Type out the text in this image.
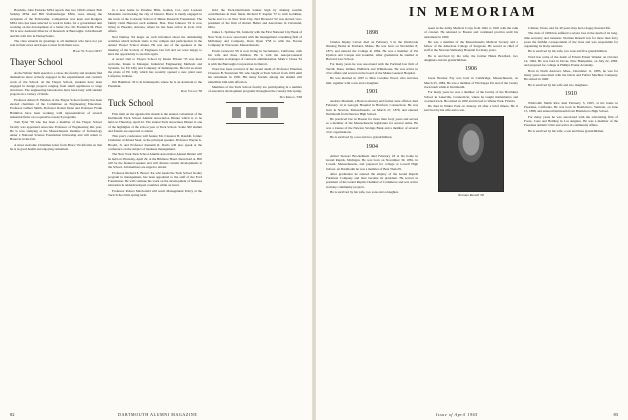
Hawkins. John Fedorko M'64 reports that two 1964's attend. Bob Stokley M'64 and Bill Stoltzenberger M'64, were among the recipients of the Fellowship. Competition was keen and Rodgers M'64 who has been selected to work in India, for a government unit working on the development of a better rice. Dr. Frederick M. Horn '64 is now Assistant Director of Research at Burroughs. John Russell and his wife live in Pennsylvania.

The class extends its greetings to all members who have not yet sent in their news and hopes to hear from them soon.

Harry W. Samson M'27
Thayer School

As the Winter Term speeds to a close, the faculty and students find themselves more actively engaged in the experimental and creative work of the School. At the Thayer School, students have been engaged in design projects ranging from small appliances to large structures. The engineering laboratories have been busy with student projects in a variety of fields.

Professor Albert E. Hawkes of the Thayer School faculty has been elected chairman of the Committee on Engineering Education. Professor Gilbert Smith, Professor Robert Dean and Professor Frank Hamilton have been working with representatives of several industrial firms on cooperative research programs.

Tom Tyler '58 who has been a member of the Thayer School faculty was appointed Associate Professor of Engineering this year. He is now studying at the Massachusetts Institute of Technology under a National Science Foundation fellowship and will return to Hanover in the fall.

A most welcome Christmas letter from Brace '04 informs us that he is in good health and enjoying retirement.

in a new home in Paradise Hills, Golden, Col., near Lookout Mountain overlooking the city of Denver. Bruce is busily engaged in the work of the Colorado School of Mines Research Foundation. The family visits Hanover each summer. Hon. Paul Johnson '19 is now living in Phoenix, Arizona, where he has been active in local civic affairs.

Ned Dunlop '04 keeps us well informed about his stimulating activities which include visits to the campus and participation in the annual Thayer School dinner. He was one of the speakers at the meeting of the Society of Engineers last fall and we were happy to have the opportunity to see him again.

A recent visit to Thayer School by Knute Fritzen '35 was most welcome. Knute is Manager, Industrial Engineering Methods and Systems, for Eli Lilly and Company of Indianapolis. He told us about the plans of Eli Lilly which has recently opened a new plant near Lafayette, Indiana.

Jim Hamilton '43 is in Indianapolis where he is an Assistant to the President.

Rusk Stearns '58
Tuck School

First item on the agenda this month is the annual convention of the Dartmouth Tuck School Alumni Association Dinner which is to be held on Thursday, April 22. The annual Tuck Associates Dinner is one of the highlights of the school year at Tuck School. Some 500 alumni and friends are expected to attend.

This year's conference will feature Mr. Clarence B. Randall, former Chairman of Inland Steel, as the principal speaker. Professor Wayne G. Broehl, Jr. and Professor Kenneth R. Davis will also speak at the conference on the subject of business management.

The New York Tuck School Alumni Association Annual Dinner will be held on Thursday, April 29, at the Biltmore Hotel. Dean Karl A. Hill will be the featured speaker and will discuss current developments at the School. All members are urged to attend.

Professor Richard E. Bower '44, who heads the Tuck School faculty program in management, has been appointed to the staff of the Ford Foundation. He will continue his work on the development of business education in underdeveloped countries while on leave.

Professor Robert Macdonald will teach Management Policy at the Tuck School this spring term.

hold the Tuck-Dartmouth banner high by making notable contributions in their fields. Richard F. Kaplan '57 is with Goldman, Sachs and Co. in New York City. Ned Brossard '52 was elected vice-president of the firm of Robert Heller and Associates in Cleveland, Ohio.

James L. Spillane '62, formerly with the First National City Bank of New York, is now associated with the management consulting firm of McKinsey and Company. Dave Ryan T'58 is with the Norton Company in Worcester, Massachusetts.

Erwin Griswold '58 is now living in Sacramento, California, with his wife and three children. He is with the Aerojet-General Corporation as manager of contracts administration. Mark J. Chase '61 is with the Burroughs Corporation in Detroit.

Word has been received of the recent death of Professor Emeritus Clarence B. Sturtevant '06, who taught at Tuck School from 1919 until his retirement in 1950. His many friends among the alumni will remember him with affection.

Members of the Tuck School faculty are participating in a number of executive development programs throughout the country this spring.

Dan Kimball T'48
82	DARTMOUTH ALUMNI MAGAZINE
IN MEMORIAM
1898

Charles Ripley Carver died on February 3 in the Westbrook Nursing Home in Portland, Maine. He was born on November 8, 1875, and entered the College in 1894. He was a member of Psi Upsilon and Casque and Gauntlet. After graduation he studied at Harvard Law School.

For many years he was associated with the Portland law firm of Verrill, Dana, Walker, Philbrick and Whitehouse. He was active in civic affairs and served on the board of the Maine General Hospital.

He was married in 1907 to Miss Caroline Wood, who survives him, together with a son and a daughter.

1901

Andrew Marshall, a Boston attorney and former state official, died February 12 at Gerogia Hospital in Hartford, Connecticut. He was born in Newton, Massachusetts, on March 27, 1879, and entered Dartmouth from Newton High School.

He practiced law in Boston for more than forty years and served as a member of the Massachusetts legislature for several terms. He was a trustee of the Newton Savings Bank and a member of several civic organizations.

He is survived by a son and two grandchildren.

1904

Arthur Stewart Brockelhurst died February 18 at his home in Grand Rapids, Michigan. He was born on November 30, 1881, in Lowell, Massachusetts, and prepared for college at Lowell High School. At Dartmouth he was a member of Beta Theta Pi.

After graduation he entered the employ of the Grand Rapids Furniture Company and later became its president. He served as president of the Grand Rapids Chamber of Commerce and was active in many community projects.

He is survived by his wife, two sons and a daughter.

spent in the Army Medical Corps from 1942 to 1945 with the rank of colonel. He returned to Boston and continued practice until his retirement in 1960.

He was a member of the Massachusetts Medical Society and a fellow of the American College of Surgeons. He served as chief of staff at the Newton-Wellesley Hospital for many years.

He is survived by his wife, the former Helen Bradford, two daughters and six grandchildren.

1906

Jason Bowker Fay was born in Cambridge, Massachusetts, on March 25, 1884. He was a member of Phi Kappa Psi and of the varsity track team while at Dartmouth.

For many years he was a member of the faculty of the Hotchkiss School in Lakeville, Connecticut, where he taught mathematics and coached track. He retired in 1950 and moved to Winter Park, Florida.

He died in Winter Park on January 22 after a brief illness. He is survived by his wife and a son.

Norman Russell '06

Cabinet, Texas, and for 40 years they had a happy married life.

The class of 1906 has suffered a severe loss in the death of its long-time secretary and treasurer. Norman Russell was for more than forty years the faithful correspondent of the class and was responsible for organizing its many reunions.

He is survived by his wife, two sons and five grandchildren.

Word has come of the death of Edwin Eckert Wander on October 14, 1964. He was born in Dover, New Hampshire, on July 22, 1883, and prepared for college at Phillips Exeter Academy.

Born in North Andover, Mass., December 11, 1883, he was for many years associated with the Davis and Furber Machine Company. He retired in 1948.

He is survived by his wife and two daughters.

1910

Whitcomb Smith Rice died February 3, 1965, at his home in Pasadena, California. He was born in Brattleboro, Vermont, on June 15, 1888, and entered Dartmouth from Brattleboro High School.

For many years he was associated with the advertising firm of Foote, Cone and Belding in Los Angeles. He was a member of the Pasadena Athletic Club and active in community affairs.

He is survived by his wife, a son and three grandchildren.

Issue of April 1965	83
